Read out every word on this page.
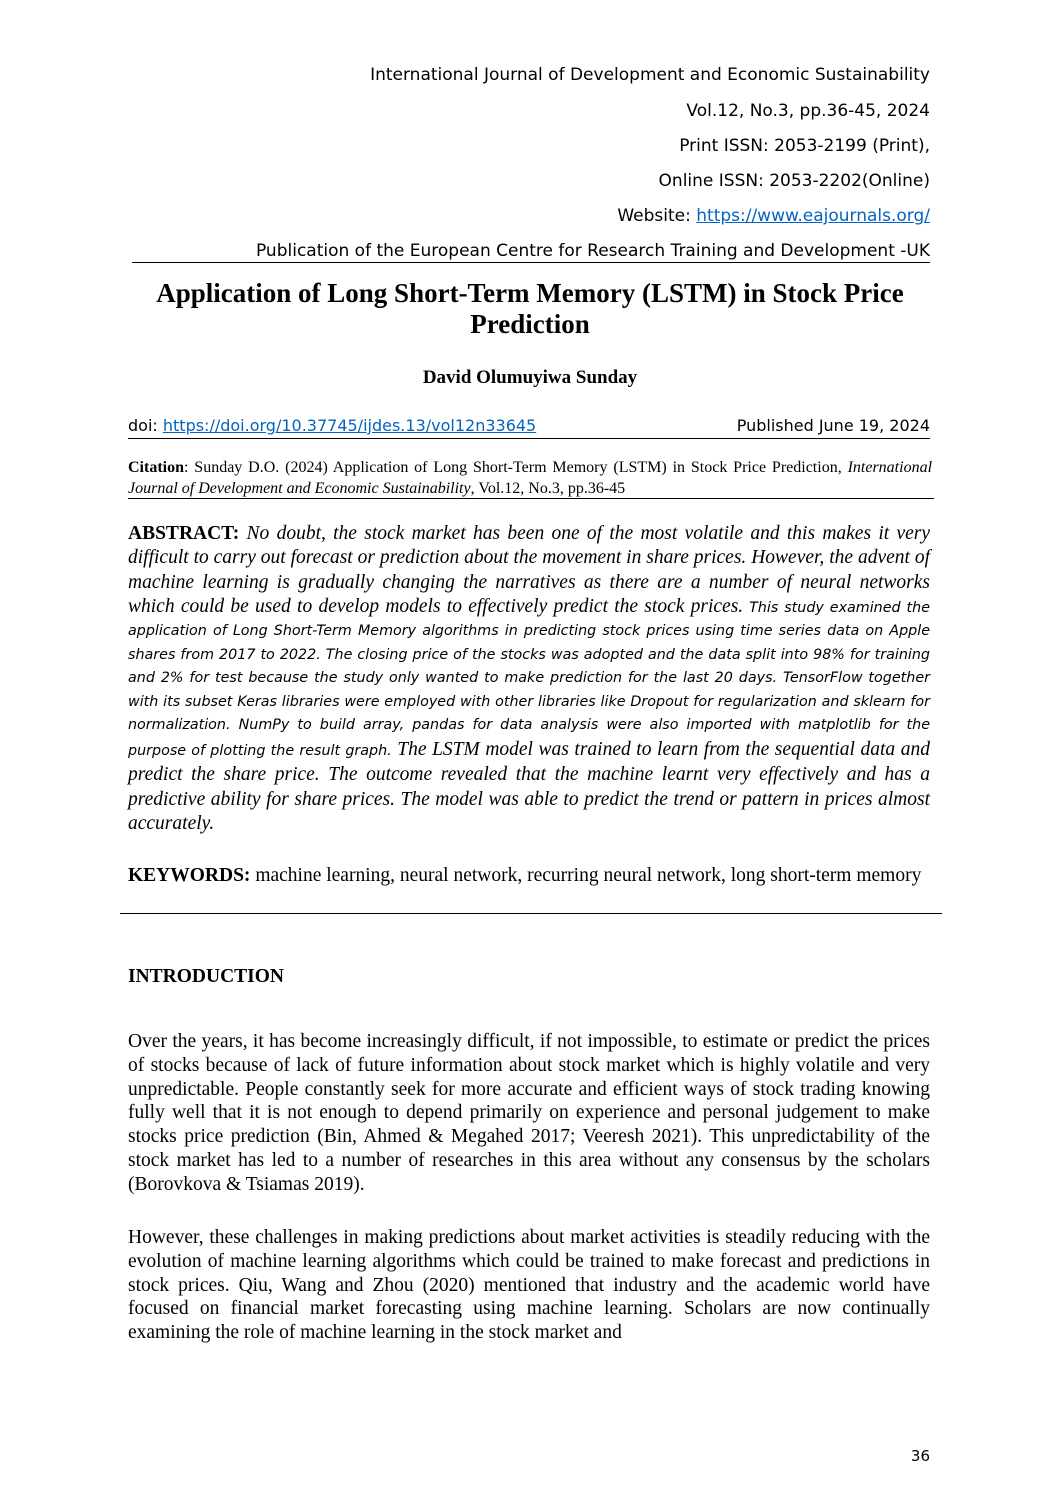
International Journal of Development and Economic Sustainability
Vol.12, No.3, pp.36-45, 2024
Print ISSN: 2053-2199 (Print),
Online ISSN: 2053-2202(Online)
Website: https://www.eajournals.org/
Publication of the European Centre for Research Training and Development -UK
Application of Long Short-Term Memory (LSTM) in Stock Price
Prediction
David Olumuyiwa Sunday
doi: https://doi.org/10.37745/ijdes.13/vol12n33645	Published June 19, 2024
Citation: Sunday D.O. (2024) Application of Long Short-Term Memory (LSTM) in Stock Price Prediction, International Journal of Development and Economic Sustainability, Vol.12, No.3, pp.36-45
ABSTRACT: No doubt, the stock market has been one of the most volatile and this makes it very difficult to carry out forecast or prediction about the movement in share prices. However, the advent of machine learning is gradually changing the narratives as there are a number of neural networks which could be used to develop models to effectively predict the stock prices. This study examined the application of Long Short-Term Memory algorithms in predicting stock prices using time series data on Apple shares from 2017 to 2022. The closing price of the stocks was adopted and the data split into 98% for training and 2% for test because the study only wanted to make prediction for the last 20 days. TensorFlow together with its subset Keras libraries were employed with other libraries like Dropout for regularization and sklearn for normalization. NumPy to build array, pandas for data analysis were also imported with matplotlib for the purpose of plotting the result graph. The LSTM model was trained to learn from the sequential data and predict the share price. The outcome revealed that the machine learnt very effectively and has a predictive ability for share prices. The model was able to predict the trend or pattern in prices almost accurately.
KEYWORDS: machine learning, neural network, recurring neural network, long short-term memory
INTRODUCTION
Over the years, it has become increasingly difficult, if not impossible, to estimate or predict the prices of stocks because of lack of future information about stock market which is highly volatile and very unpredictable. People constantly seek for more accurate and efficient ways of stock trading knowing fully well that it is not enough to depend primarily on experience and personal judgement to make stocks price prediction (Bin, Ahmed & Megahed 2017; Veeresh 2021). This unpredictability of the stock market has led to a number of researches in this area without any consensus by the scholars (Borovkova & Tsiamas 2019).
However, these challenges in making predictions about market activities is steadily reducing with the evolution of machine learning algorithms which could be trained to make forecast and predictions in stock prices. Qiu, Wang and Zhou (2020) mentioned that industry and the academic world have focused on financial market forecasting using machine learning. Scholars are now continually examining the role of machine learning in the stock market and
36
